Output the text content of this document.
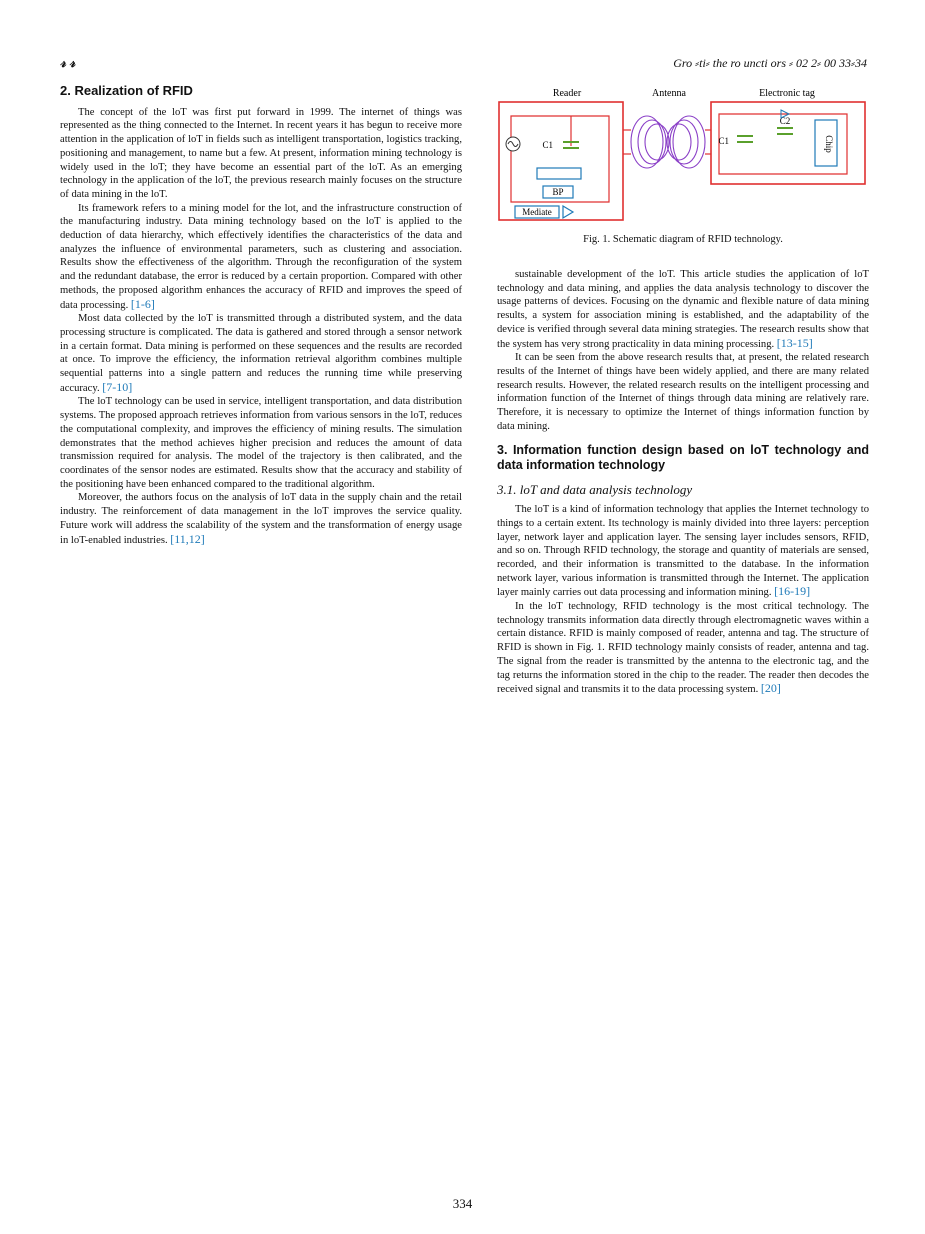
𝓇 𝓇	Gro ⸗ti⸗ the ro uncti ors ⸗ 02 2⸗ 00 33⸗34
2. Realization of RFID

The concept of the loT was first put forward in 1999. The internet of things was represented as the thing connected to the Internet. In recent years it has begun to receive more attention in the application of loT in fields such as intelligent transportation, logistics tracking, positioning and management, to name but a few. At present, information mining technology is widely used in the loT; they have become an essential part of the loT. As an emerging technology in the application of the loT, the previous research mainly focuses on the structure of data mining in the loT.

Its framework refers to a mining model for the lot, and the infrastructure construction of the manufacturing industry. Data mining technology based on the loT is applied to the deduction of data hierarchy, which effectively identifies the characteristics of the data and analyzes the influence of environmental parameters, such as clustering and association. Results show the effectiveness of the algorithm. Through the reconfiguration of the system and the redundant database, the error is reduced by a certain proportion. Compared with other methods, the proposed algorithm enhances the accuracy of RFID and improves the speed of data processing. [1-6]

Most data collected by the loT is transmitted through a distributed system, and the data processing structure is complicated. The data is gathered and stored through a sensor network in a certain format. Data mining is performed on these sequences and the results are recorded at once. To improve the efficiency, the information retrieval algorithm combines multiple sequential patterns into a single pattern and reduces the running time while preserving accuracy. [7-10]

The loT technology can be used in service, intelligent transportation, and data distribution systems. The proposed approach retrieves information from various sensors in the loT, reduces the computational complexity, and improves the efficiency of mining results. The simulation demonstrates that the method achieves higher precision and reduces the amount of data transmission required for analysis. The model of the trajectory is then calibrated, and the coordinates of the sensor nodes are estimated. Results show that the accuracy and stability of the positioning have been enhanced compared to the traditional algorithm.

Moreover, the authors focus on the analysis of loT data in the supply chain and the retail industry. The reinforcement of data management in the loT improves the service quality. Future work will address the scalability of the system and the transformation of energy usage in loT-enabled industries. [11,12]

Reader
C1
BP
Mediate
Antenna	Electronic tag
C1
C2
Chip
Fig. 1. Schematic diagram of RFID technology.

sustainable development of the loT. This article studies the application of loT technology and data mining, and applies the data analysis technology to discover the usage patterns of devices. Focusing on the dynamic and flexible nature of data mining results, a system for association mining is established, and the adaptability of the device is verified through several data mining strategies. The research results show that the system has very strong practicality in data mining processing. [13-15]

It can be seen from the above research results that, at present, the related research results of the Internet of things have been widely applied, and there are many related research results. However, the related research results on the intelligent processing and information function of the Internet of things through data mining are relatively rare. Therefore, it is necessary to optimize the Internet of things information function by data mining.

3. Information function design based on loT technology and data information technology
3.1. loT and data analysis technology

The loT is a kind of information technology that applies the Internet technology to things to a certain extent. Its technology is mainly divided into three layers: perception layer, network layer and application layer. The sensing layer includes sensors, RFID, and so on. Through RFID technology, the storage and quantity of materials are sensed, recorded, and their information is transmitted to the database. In the information network layer, various information is transmitted through the Internet. The application layer mainly carries out data processing and information mining. [16-19]

In the loT technology, RFID technology is the most critical technology. The technology transmits information data directly through electromagnetic waves within a certain distance. RFID is mainly composed of reader, antenna and tag. The structure of RFID is shown in Fig. 1. RFID technology mainly consists of reader, antenna and tag. The signal from the reader is transmitted by the antenna to the electronic tag, and the tag returns the information stored in the chip to the reader. The reader then decodes the received signal and transmits it to the data processing system. [20]

334
